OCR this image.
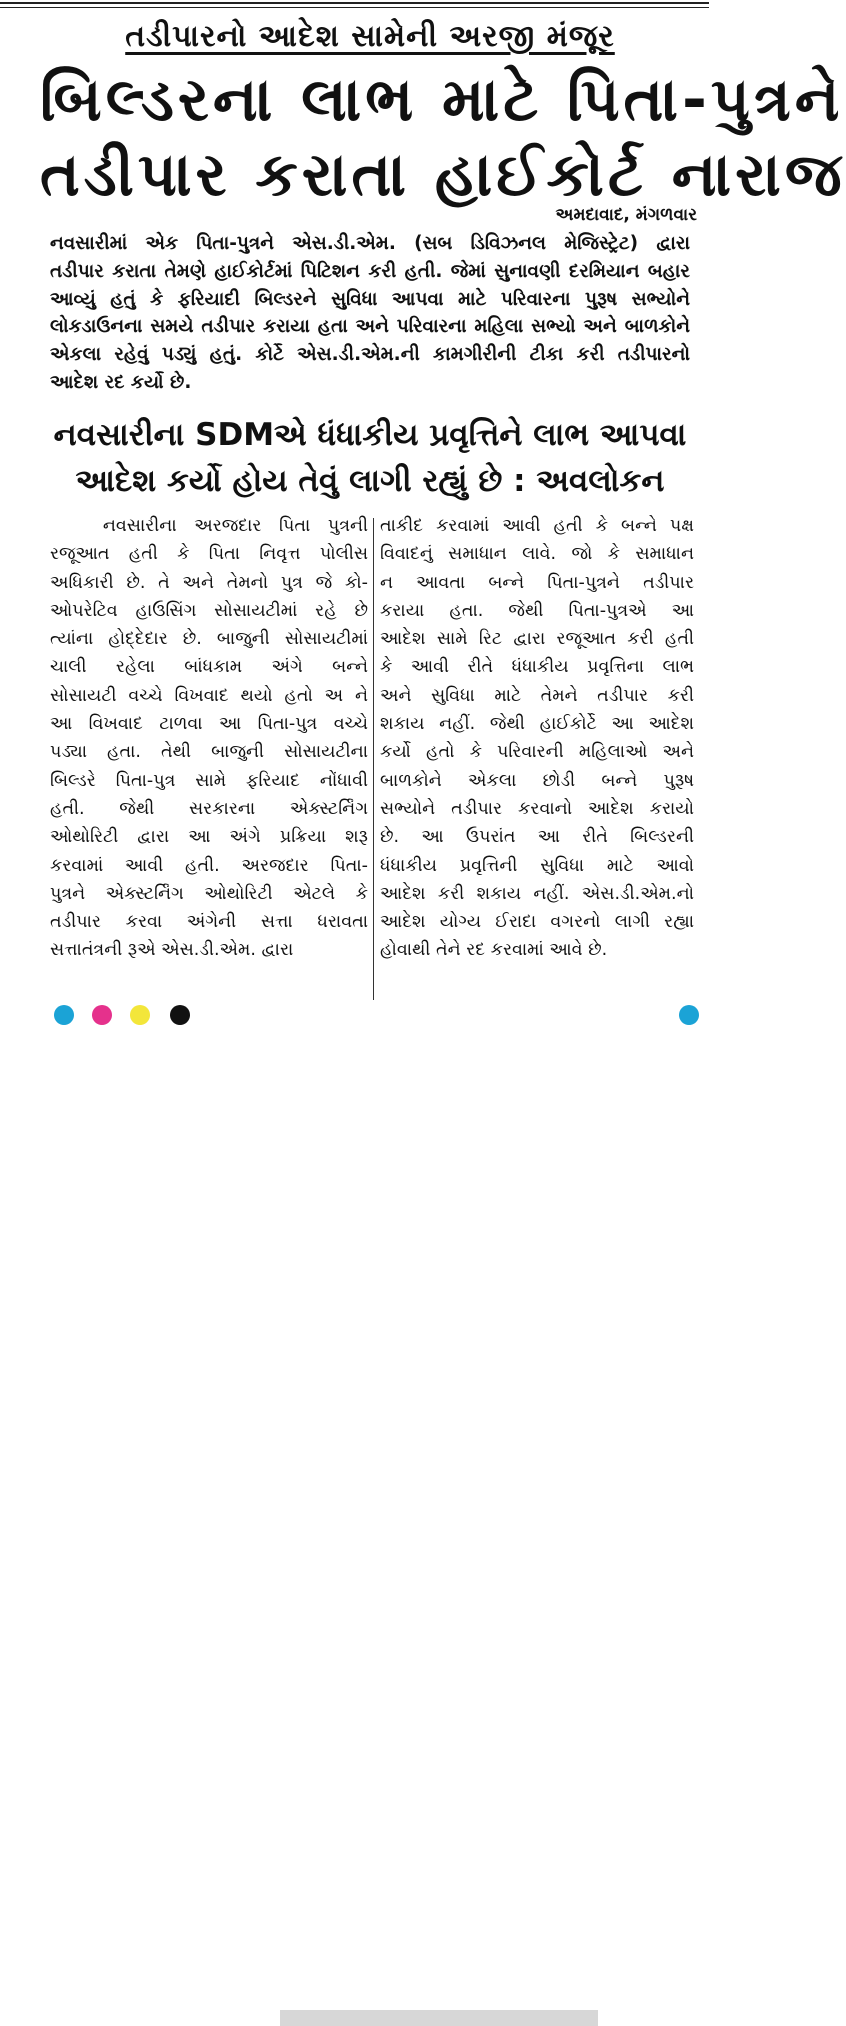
તડીપારનો આદેશ સામેની અરજી મંજૂર
બિલ્ડરના લાભ માટે પિતા-પુત્રને
તડીપાર કરાતા હાઈકોર્ટ નારાજ
અમદાવાદ, મંગળવાર
નવસારીમાં એક પિતા-પુત્રને એસ.ડી.એમ. (સબ ડિવિઝનલ મેજિસ્ટ્રેટ) દ્વારા
તડીપાર કરાતા તેમણે હાઈકોર્ટમાં પિટિશન કરી હતી. જેમાં સુનાવણી દરમિયાન બહાર
આવ્યું હતું કે ફરિયાદી બિલ્ડરને સુવિધા આપવા માટે પરિવારના પુરૂષ સભ્યોને
લોકડાઉનના સમયે તડીપાર કરાયા હતા અને પરિવારના મહિલા સભ્યો અને બાળકોને
એકલા રહેવું પડ્યું હતું. કોર્ટે એસ.ડી.એમ.ની કામગીરીની ટીકા કરી તડીપારનો
આદેશ રદ કર્યો છે.
નવસારીના SDMએ ધંધાકીય પ્રવૃત્તિને લાભ આપવા
આદેશ કર્યો હોય તેવું લાગી રહ્યું છે : અવલોકન
નવસારીના અરજદાર પિતા પુત્રની
રજૂઆત હતી કે પિતા નિવૃત્ત પોલીસ
અધિકારી છે. તે અને તેમનો પુત્ર જે કો-
ઓપરેટિવ હાઉસિંગ સોસાયટીમાં રહે છે
ત્યાંના હોદ્દેદાર છે. બાજુની સોસાયટીમાં
ચાલી રહેલા બાંધકામ અંગે બન્ને
સોસાયટી વચ્ચે વિખવાદ થયો હતો અ ને
આ વિખવાદ ટાળવા આ પિતા-પુત્ર વચ્ચે
પડ્યા હતા. તેથી બાજુની સોસાયટીના
બિલ્ડરે પિતા-પુત્ર સામે ફરિયાદ નોંધાવી
હતી. જેથી સરકારના એક્સ્ટર્નિંગ
ઓથોરિટી દ્વારા આ અંગે પ્રક્રિયા શરૂ
કરવામાં આવી હતી. અરજદાર પિતા-
પુત્રને એક્સ્ટર્નિંગ ઓથોરિટી એટલે કે
તડીપાર કરવા અંગેની સત્તા ધરાવતા
સત્તાતંત્રની રૂએ એસ.ડી.એમ. દ્વારા
તાકીદ કરવામાં આવી હતી કે બન્ને પક્ષ
વિવાદનું સમાધાન લાવે. જો કે સમાધાન
ન આવતા બન્ને પિતા-પુત્રને તડીપાર
કરાયા હતા. જેથી પિતા-પુત્રએ આ
આદેશ સામે રિટ દ્વારા રજૂઆત કરી હતી
કે આવી રીતે ધંધાકીય પ્રવૃત્તિના લાભ
અને સુવિધા માટે તેમને તડીપાર કરી
શકાય નહીં. જેથી હાઈકોર્ટે આ આદેશ
કર્યો હતો કે પરિવારની મહિલાઓ અને
બાળકોને એકલા છોડી બન્ને પુરૂષ
સભ્યોને તડીપાર કરવાનો આદેશ કરાયો
છે. આ ઉપરાંત આ રીતે બિલ્ડરની
ધંધાકીય પ્રવૃત્તિની સુવિધા માટે આવો
આદેશ કરી શકાય નહીં. એસ.ડી.એમ.નો
આદેશ યોગ્ય ઈરાદા વગરનો લાગી રહ્યા
હોવાથી તેને રદ કરવામાં આવે છે.
